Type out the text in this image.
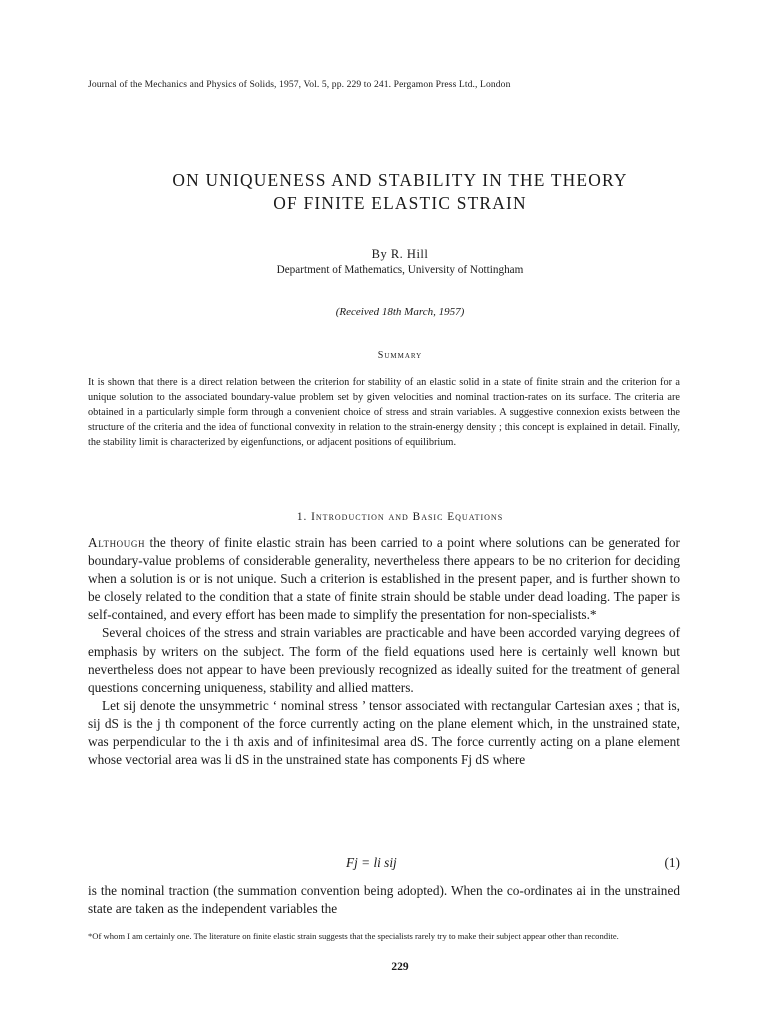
Journal of the Mechanics and Physics of Solids, 1957, Vol. 5, pp. 229 to 241. Pergamon Press Ltd., London
ON UNIQUENESS AND STABILITY IN THE THEORY
OF FINITE ELASTIC STRAIN
By R. Hill
Department of Mathematics, University of Nottingham
(Received 18th March, 1957)
Summary
It is shown that there is a direct relation between the criterion for stability of an elastic solid in a state of finite strain and the criterion for a unique solution to the associated boundary-value problem set by given velocities and nominal traction-rates on its surface. The criteria are obtained in a particularly simple form through a convenient choice of stress and strain variables. A suggestive connexion exists between the structure of the criteria and the idea of functional convexity in relation to the strain-energy density ; this concept is explained in detail. Finally, the stability limit is characterized by eigenfunctions, or adjacent positions of equilibrium.
1. Introduction and Basic Equations

Although the theory of finite elastic strain has been carried to a point where solutions can be generated for boundary-value problems of considerable generality, nevertheless there appears to be no criterion for deciding when a solution is or is not unique. Such a criterion is established in the present paper, and is further shown to be closely related to the condition that a state of finite strain should be stable under dead loading. The paper is self-contained, and every effort has been made to simplify the presentation for non-specialists.*

Several choices of the stress and strain variables are practicable and have been accorded varying degrees of emphasis by writers on the subject. The form of the field equations used here is certainly well known but nevertheless does not appear to have been previously recognized as ideally suited for the treatment of general questions concerning uniqueness, stability and allied matters.

Let sij denote the unsymmetric ‘ nominal stress ’ tensor associated with rectangular Cartesian axes ; that is, sij dS is the j th component of the force currently acting on the plane element which, in the unstrained state, was perpendicular to the i th axis and of infinitesimal area dS. The force currently acting on a plane element whose vectorial area was li dS in the unstrained state has components Fj dS where

Fj = li sij	(1)
is the nominal traction (the summation convention being adopted). When the co-ordinates ai in the unstrained state are taken as the independent variables the
*Of whom I am certainly one. The literature on finite elastic strain suggests that the specialists rarely try to make their subject appear other than recondite.
229
